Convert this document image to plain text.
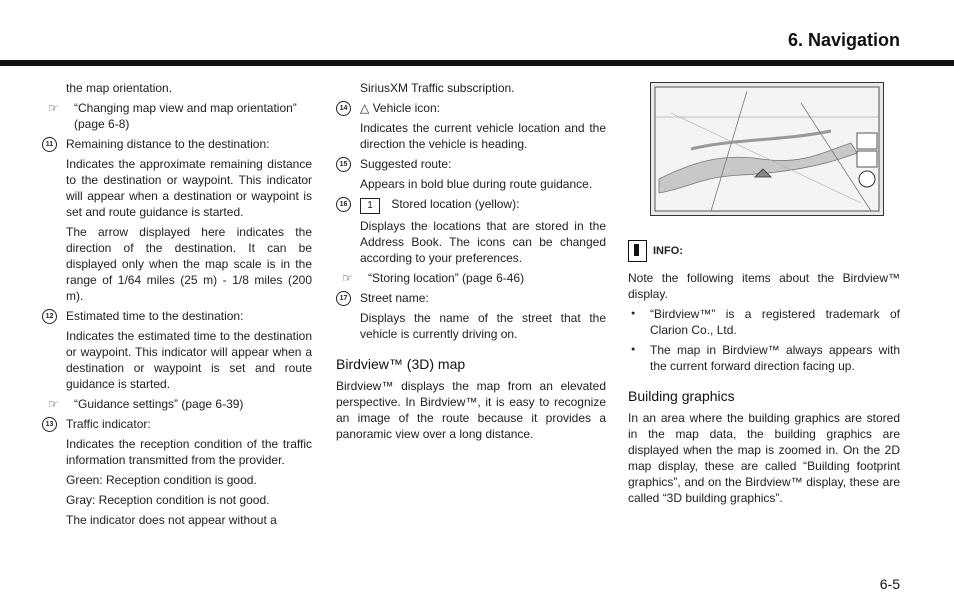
6. Navigation

the map orientation.

☞ “Changing map view and map orientation” (page 6-8)

11	Remaining distance to the destination:

Indicates the approximate remaining distance to the destination or waypoint. This indicator will appear when a destination or waypoint is set and route guidance is started.

The arrow displayed here indicates the direction of the destination. It can be displayed only when the map scale is in the range of 1/64 miles (25 m) - 1/8 miles (200 m).

12	Estimated time to the destination:

Indicates the estimated time to the destination or waypoint. This indicator will appear when a destination or waypoint is set and route guidance is started.

☞ “Guidance settings” (page 6-39)

13	Traffic indicator:

Indicates the reception condition of the traffic information transmitted from the provider.

Green: Reception condition is good.

Gray: Reception condition is not good.

The indicator does not appear without a

SiriusXM Traffic subscription.

14	△ Vehicle icon:

Indicates the current vehicle location and the direction the vehicle is heading.

15	Suggested route:

Appears in bold blue during route guidance.

16	1 Stored location (yellow):

Displays the locations that are stored in the Address Book. The icons can be changed according to your preferences.

☞ “Storing location” (page 6-46)

17	Street name:

Displays the name of the street that the vehicle is currently driving on.

Birdview™ (3D) map

Birdview™ displays the map from an elevated perspective. In Birdview™, it is easy to recognize an image of the route because it provides a panoramic view over a long distance.

INFO:

Note the following items about the Birdview™ display.

● “Birdview™” is a registered trademark of Clarion Co., Ltd.

● The map in Birdview™ always appears with the current forward direction facing up.

Building graphics

In an area where the building graphics are stored in the map data, the building graphics are displayed when the map is zoomed in. On the 2D map display, these are called “Building footprint graphics”, and on the Birdview™ display, these are called “3D building graphics”.

6-5
